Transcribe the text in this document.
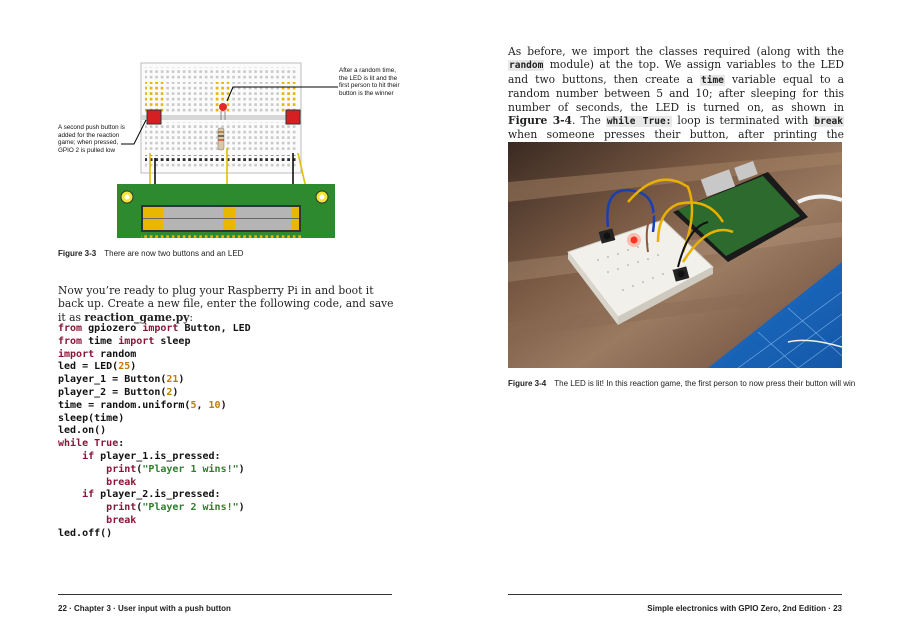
After a random time, the LED is lit and the first person to hit their button is the winner
A second push button is added for the reaction game; when pressed, GPIO 2 is pulled low
Figure 3-3 There are now two buttons and an LED
Now you’re ready to plug your Raspberry Pi in and boot it back up. Create a new file, enter the following code, and save it as reaction_game.py:
from gpiozero import Button, LED
from time import sleep
import random
led = LED(25)
player_1 = Button(21)
player_2 = Button(2)
time = random.uniform(5, 10)
sleep(time)
led.on()
while True:
if player_1.is_pressed:
print("Player 1 wins!")
break
if player_2.is_pressed:
print("Player 2 wins!")
break
led.off()
22 · Chapter 3 · User input with a push button
As before, we import the classes required (along with the random module) at the top. We assign variables to the LED and two buttons, then create a time variable equal to a random number between 5 and 10; after sleeping for this number of seconds, the LED is turned on, as shown in Figure 3-4. The while True: loop is terminated with break when someone presses their button, after printing the
Figure 3-4 The LED is lit! In this reaction game, the first person to now press their button will win
Simple electronics with GPIO Zero, 2nd Edition · 23
